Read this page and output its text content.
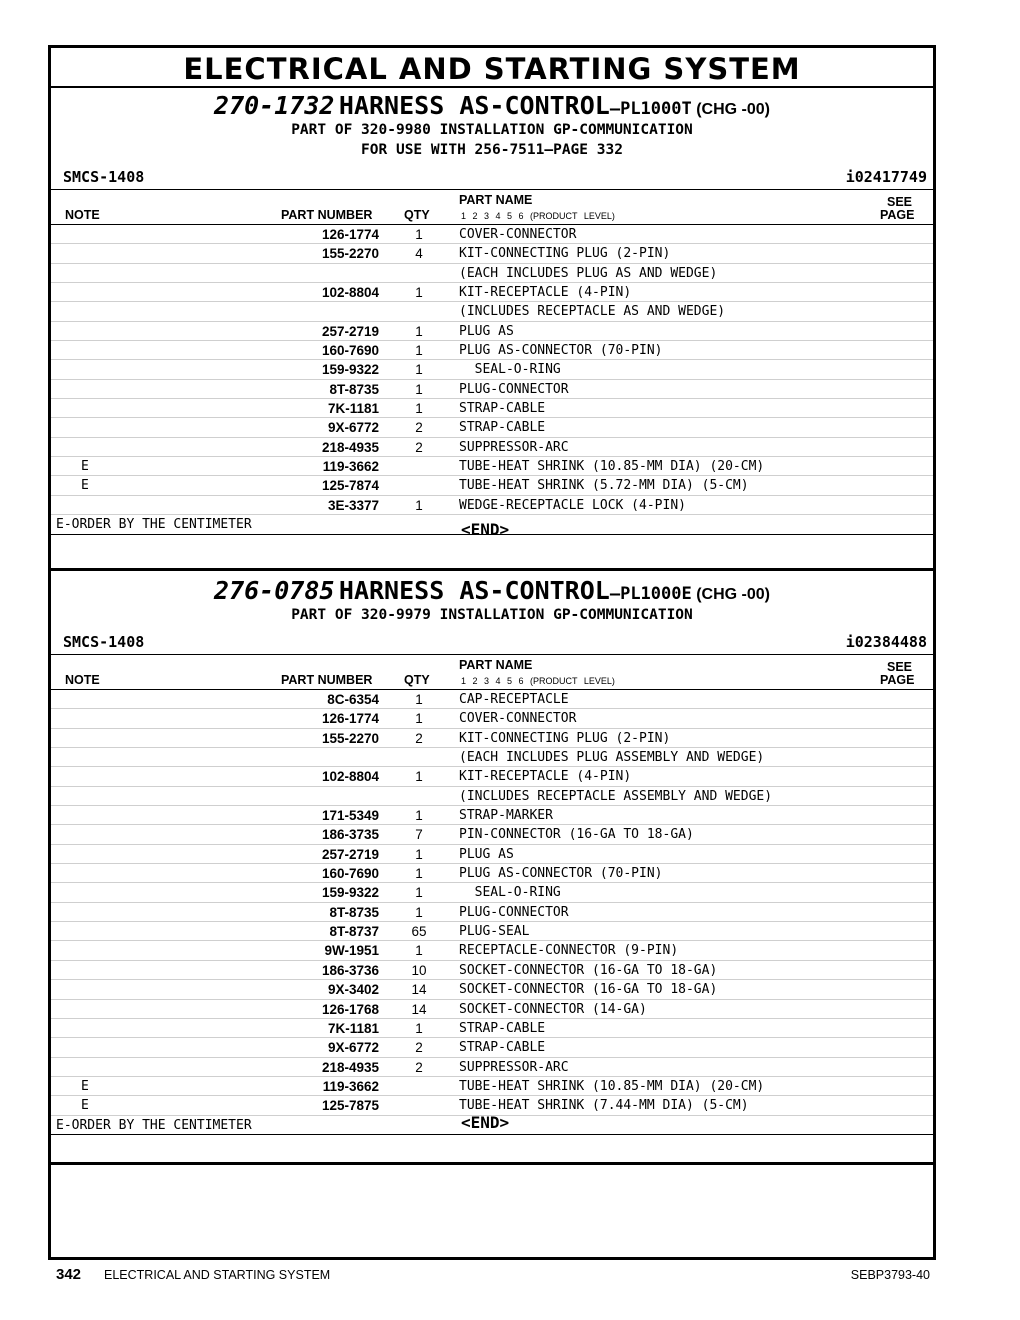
ELECTRICAL AND STARTING SYSTEM
270-1732 HARNESS AS-CONTROL—PL1000T (CHG -00)
PART OF 320-9980 INSTALLATION GP-COMMUNICATION
FOR USE WITH 256-7511—PAGE 332
SMCS-1408	i02417749
NOTE	PART NUMBER	QTY
PART NAME
1 2 3 4 5 6 (PRODUCT LEVEL)
SEE
PAGE
126-1774	1	COVER-CONNECTOR
155-2270	4	KIT-CONNECTING PLUG (2-PIN)
(EACH INCLUDES PLUG AS AND WEDGE)
102-8804	1	KIT-RECEPTACLE (4-PIN)
(INCLUDES RECEPTACLE AS AND WEDGE)
257-2719	1	PLUG AS
160-7690	1	PLUG AS-CONNECTOR (70-PIN)
159-9322	1	SEAL-O-RING
8T-8735	1	PLUG-CONNECTOR
7K-1181	1	STRAP-CABLE
9X-6772	2	STRAP-CABLE
218-4935	2	SUPPRESSOR-ARC
E	119-3662	TUBE-HEAT SHRINK (10.85-MM DIA) (20-CM)
E	125-7874	TUBE-HEAT SHRINK (5.72-MM DIA) (5-CM)
3E-3377	1	WEDGE-RECEPTACLE LOCK (4-PIN)
E-ORDER BY THE CENTIMETER	<END>
276-0785 HARNESS AS-CONTROL—PL1000E (CHG -00)
PART OF 320-9979 INSTALLATION GP-COMMUNICATION
SMCS-1408	i02384488
NOTE	PART NUMBER	QTY
PART NAME
1 2 3 4 5 6 (PRODUCT LEVEL)
SEE
PAGE
8C-6354	1	CAP-RECEPTACLE
126-1774	1	COVER-CONNECTOR
155-2270	2	KIT-CONNECTING PLUG (2-PIN)
(EACH INCLUDES PLUG ASSEMBLY AND WEDGE)
102-8804	1	KIT-RECEPTACLE (4-PIN)
(INCLUDES RECEPTACLE ASSEMBLY AND WEDGE)
171-5349	1	STRAP-MARKER
186-3735	7	PIN-CONNECTOR (16-GA TO 18-GA)
257-2719	1	PLUG AS
160-7690	1	PLUG AS-CONNECTOR (70-PIN)
159-9322	1	SEAL-O-RING
8T-8735	1	PLUG-CONNECTOR
8T-8737	65	PLUG-SEAL
9W-1951	1	RECEPTACLE-CONNECTOR (9-PIN)
186-3736	10	SOCKET-CONNECTOR (16-GA TO 18-GA)
9X-3402	14	SOCKET-CONNECTOR (16-GA TO 18-GA)
126-1768	14	SOCKET-CONNECTOR (14-GA)
7K-1181	1	STRAP-CABLE
9X-6772	2	STRAP-CABLE
218-4935	2	SUPPRESSOR-ARC
E	119-3662	TUBE-HEAT SHRINK (10.85-MM DIA) (20-CM)
E	125-7875	TUBE-HEAT SHRINK (7.44-MM DIA) (5-CM)
E-ORDER BY THE CENTIMETER	<END>
342 ELECTRICAL AND STARTING SYSTEM	SEBP3793-40
